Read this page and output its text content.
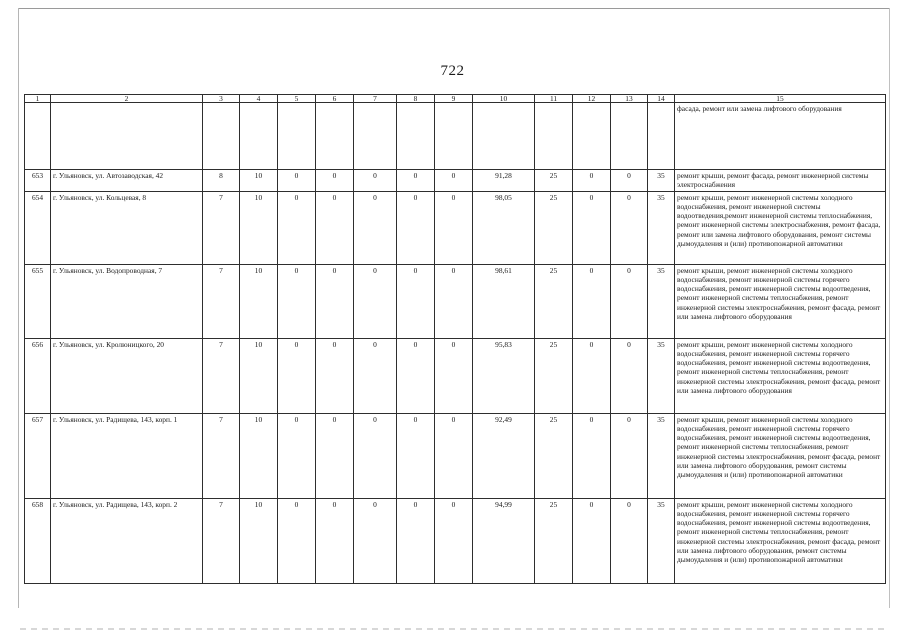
722
1	2	3	4	5	6	7	8	9	10	11	12	13	14	15
														фасада, ремонт или замена лифтового оборудования
653	г. Ульяновск, ул. Автозаводская, 42	8	10	0	0	0	0	0	91,28	25	0	0	35	ремонт крыши, ремонт фасада, ремонт инженерной системы электроснабжения
654	г. Ульяновск, ул. Кольцевая, 8	7	10	0	0	0	0	0	98,05	25	0	0	35	ремонт крыши, ремонт инженерной системы холодного водоснабжения, ремонт инженерной системы водоотведения,ремонт инженерной системы теплоснабжения, ремонт инженерной системы электроснабжения, ремонт фасада, ремонт или замена лифтового оборудования, ремонт системы дымоудаления и (или) противопожарной автоматики
655	г. Ульяновск, ул. Водопроводная, 7	7	10	0	0	0	0	0	98,61	25	0	0	35	ремонт крыши, ремонт инженерной системы холодного водоснабжения, ремонт инженерной системы горячего водоснабжения, ремонт инженерной системы водоотведения, ремонт инженерной системы теплоснабжения, ремонт инженерной системы электроснабжения, ремонт фасада, ремонт или замена лифтового оборудования
656	г. Ульяновск, ул. Кролюницкого, 20	7	10	0	0	0	0	0	95,83	25	0	0	35	ремонт крыши, ремонт инженерной системы холодного водоснабжения, ремонт инженерной системы горячего водоснабжения, ремонт инженерной системы водоотведения, ремонт инженерной системы теплоснабжения, ремонт инженерной системы электроснабжения, ремонт фасада, ремонт или замена лифтового оборудования
657	г. Ульяновск, ул. Радищева, 143, корп. 1	7	10	0	0	0	0	0	92,49	25	0	0	35	ремонт крыши, ремонт инженерной системы холодного водоснабжения, ремонт инженерной системы горячего водоснабжения, ремонт инженерной системы водоотведения, ремонт инженерной системы теплоснабжения, ремонт инженерной системы электроснабжения, ремонт фасада, ремонт или замена лифтового оборудования, ремонт системы дымоудаления и (или) противопожарной автоматики
658	г. Ульяновск, ул. Радищева, 143, корп. 2	7	10	0	0	0	0	0	94,99	25	0	0	35	ремонт крыши, ремонт инженерной системы холодного водоснабжения, ремонт инженерной системы горячего водоснабжения, ремонт инженерной системы водоотведения, ремонт инженерной системы теплоснабжения, ремонт инженерной системы электроснабжения, ремонт фасада, ремонт или замена лифтового оборудования, ремонт системы дымоудаления и (или) противопожарной автоматики
